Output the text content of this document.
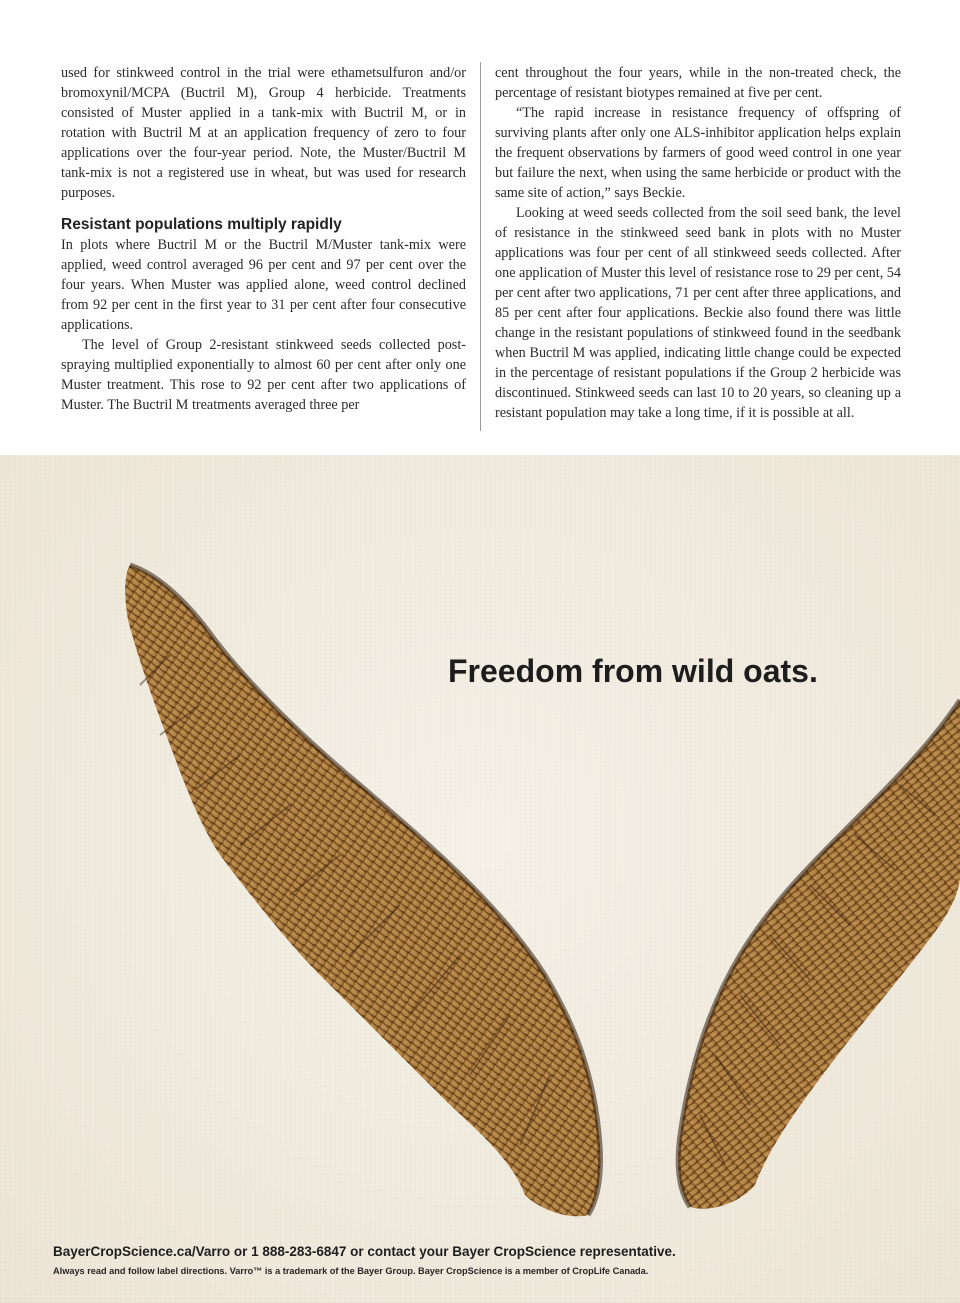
used for stinkweed control in the trial were ethametsulfuron and/or bromoxynil/MCPA (Buctril M), Group 4 herbicide. Treatments consisted of Muster applied in a tank-mix with Buctril M, or in rotation with Buctril M at an application frequency of zero to four applications over the four-year period. Note, the Muster/Buctril M tank-mix is not a registered use in wheat, but was used for research purposes.

Resistant populations multiply rapidly

In plots where Buctril M or the Buctril M/Muster tank-mix were applied, weed control averaged 96 per cent and 97 per cent over the four years. When Muster was applied alone, weed control declined from 92 per cent in the first year to 31 per cent after four consecutive applications.

The level of Group 2-resistant stinkweed seeds collected post-spraying multiplied exponentially to almost 60 per cent after only one Muster treatment. This rose to 92 per cent after two applications of Muster. The Buctril M treatments averaged three per

cent throughout the four years, while in the non-treated check, the percentage of resistant biotypes remained at five per cent.

“The rapid increase in resistance frequency of offspring of surviving plants after only one ALS-inhibitor application helps explain the frequent observations by farmers of good weed control in one year but failure the next, when using the same herbicide or product with the same site of action,” says Beckie.

Looking at weed seeds collected from the soil seed bank, the level of resistance in the stinkweed seed bank in plots with no Muster applications was four per cent of all stinkweed seeds collected. After one application of Muster this level of resistance rose to 29 per cent, 54 per cent after two applications, 71 per cent after three applications, and 85 per cent after four applications. Beckie also found there was little change in the resistant populations of stinkweed found in the seedbank when Buctril M was applied, indicating little change could be expected in the percentage of resistant populations if the Group 2 herbicide was discontinued. Stinkweed seeds can last 10 to 20 years, so cleaning up a resistant population may take a long time, if it is possible at all.

Freedom from wild oats.
BayerCropScience.ca/Varro or 1 888-283-6847 or contact your Bayer CropScience representative.
Always read and follow label directions. Varro™ is a trademark of the Bayer Group. Bayer CropScience is a member of CropLife Canada.
